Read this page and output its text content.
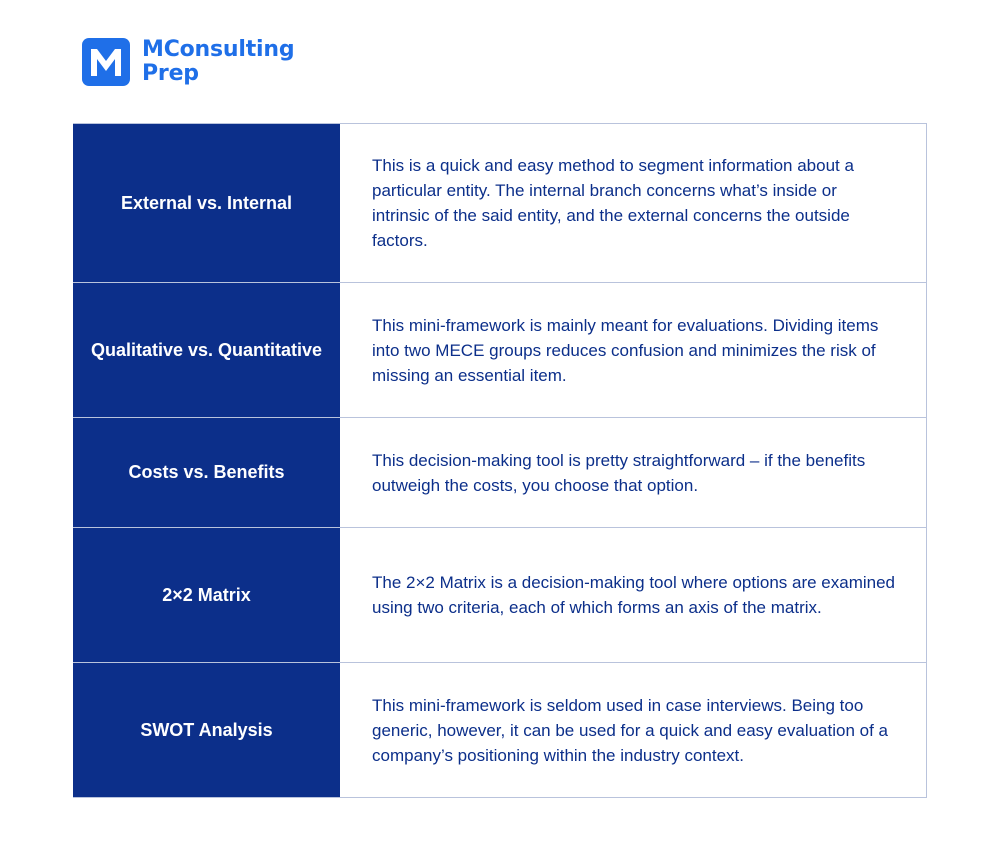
MConsulting
Prep
External vs. Internal
This is a quick and easy method to segment information about a particular entity. The internal branch concerns what’s inside or intrinsic of the said entity, and the external concerns the outside factors.
Qualitative vs. Quantitative
This mini-framework is mainly meant for evaluations. Dividing items into two MECE groups reduces confusion and minimizes the risk of missing an essential item.
Costs vs. Benefits
This decision-making tool is pretty straightforward – if the benefits outweigh the costs, you choose that option.
2×2 Matrix
The 2×2 Matrix is a decision-making tool where options are examined using two criteria, each of which forms an axis of the matrix.
SWOT Analysis
This mini-framework is seldom used in case interviews. Being too generic, however, it can be used for a quick and easy evaluation of a company’s positioning within the industry context.
